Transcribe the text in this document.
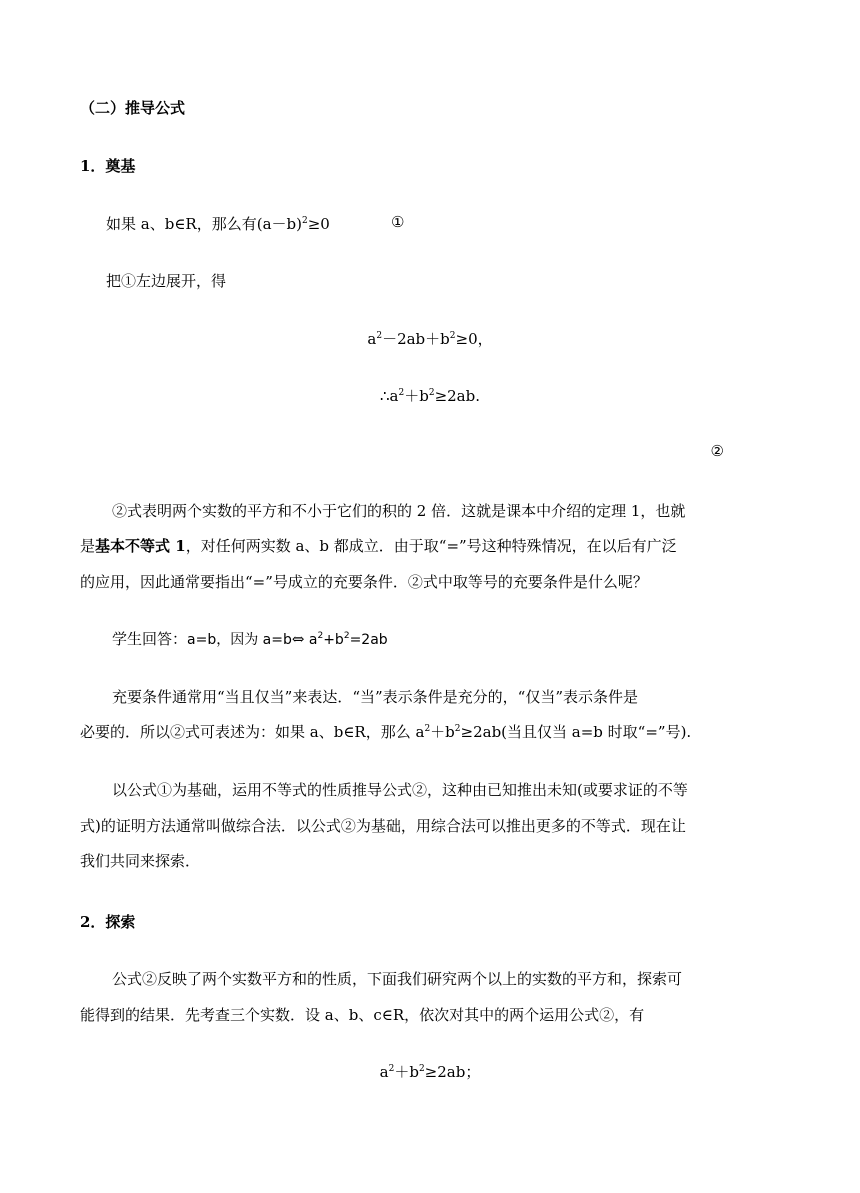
（二）推导公式
1．奠基
如果 a、b∈R，那么有$(a-b)^2\ge 0$	①
把①左边展开，得
$a^2-2ab+b^2\ge 0$，
$\therefore a^2+b^2\ge 2ab$.
②
②式表明两个实数的平方和不小于它们的积的 2 倍．这就是课本中介绍的定理 1，也就
是基本不等式 1，对任何两实数 a、b 都成立．由于取“=”号这种特殊情况，在以后有广泛
的应用，因此通常要指出“=”号成立的充要条件．②式中取等号的充要条件是什么呢？
学生回答：a=b，因为 a=b⇔ $a^2+b^2=2ab$
充要条件通常用“当且仅当”来表达．“当”表示条件是充分的，“仅当”表示条件是
必要的．所以②式可表述为：如果 a、b∈R，那么 $a^2+b^2\ge 2ab$(当且仅当 a=b 时取“=”号).
以公式①为基础，运用不等式的性质推导公式②，这种由已知推出未知(或要求证的不等
式)的证明方法通常叫做综合法．以公式②为基础，用综合法可以推出更多的不等式．现在让
我们共同来探索．
2．探索
公式②反映了两个实数平方和的性质，下面我们研究两个以上的实数的平方和，探索可
能得到的结果．先考查三个实数．设 a、b、c∈R，依次对其中的两个运用公式②，有
$a^2+b^2\ge 2ab$；
